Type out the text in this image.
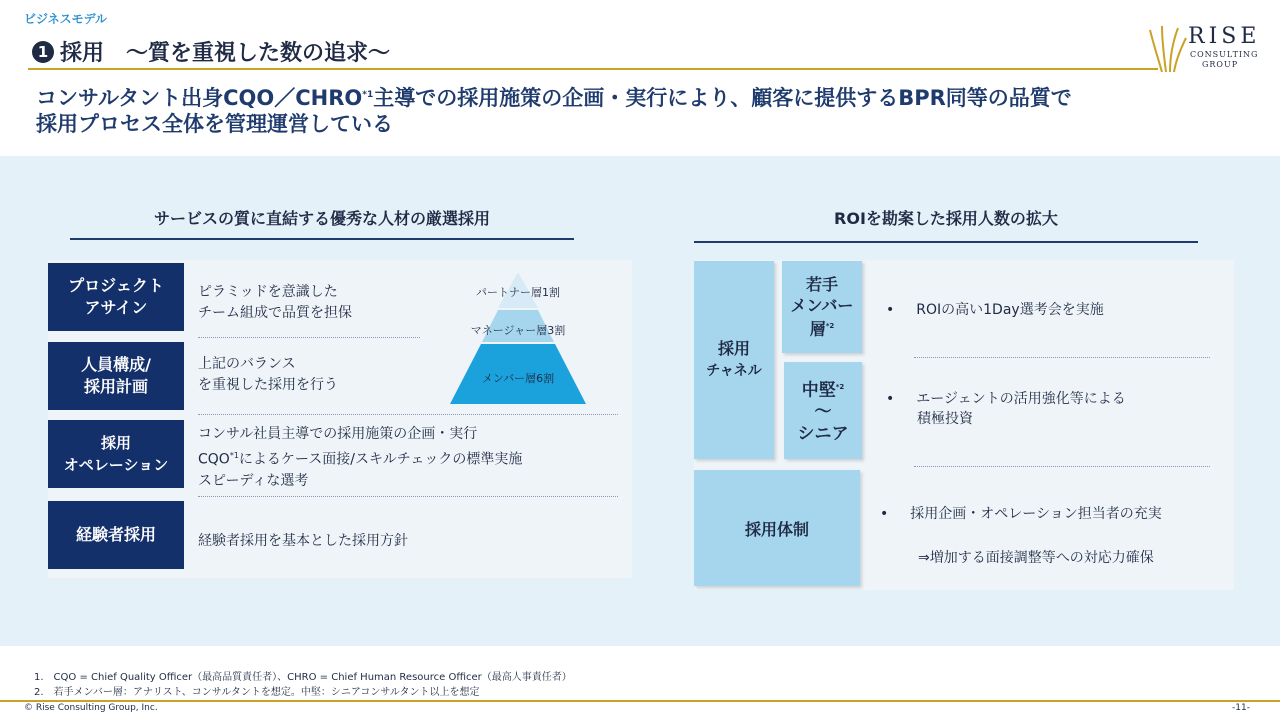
ビジネスモデル
1 採用　～質を重視した数の追求～
RISE
CONSULTING
GROUP
コンサルタント出身CQO／CHRO$^{*1}$主導での採用施策の企画・実行により、顧客に提供するBPR同等の品質で
採用プロセス全体を管理運営している
サービスの質に直結する優秀な人材の厳選採用
プロジェクト
アサイン
ピラミッドを意識した
チーム組成で品質を担保
人員構成/
採用計画
上記のバランス
を重視した採用を行う
採用
オペレーション
コンサル社員主導での採用施策の企画・実行
CQO$^{*1}$によるケース面接/スキルチェックの標準実施
スピーディな選考
経験者採用	経験者採用を基本とした採用方針
パートナー層1割
マネージャー層3割
メンバー層6割
ROIを勘案した採用人数の拡大
採用
チャネル
若手
メンバー
層$^{*2}$
中堅$^{*2}$
～
シニア
採用体制
• ROIの高い1Day選考会を実施
• エージェントの活用強化等による
積極投資
• 採用企画・オペレーション担当者の充実
⇒増加する面接調整等への対応力確保
1.　CQO = Chief Quality Officer（最高品質責任者）、CHRO = Chief Human Resource Officer（最高人事責任者）
2.　若手メンバー層：アナリスト、コンサルタントを想定。中堅：シニアコンサルタント以上を想定
© Rise Consulting Group, Inc.	-11-
